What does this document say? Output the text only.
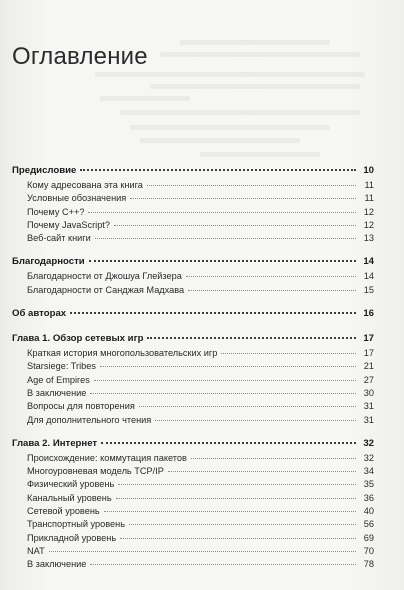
Оглавление
Предисловие	10
Кому адресована эта книга	11
Условные обозначения	11
Почему C++?	12
Почему JavaScript?	12
Веб-сайт книги	13
Благодарности	14
Благодарности от Джошуа Глейзера	14
Благодарности от Санджая Мадхава	15
Об авторах	16
Глава 1. Обзор сетевых игр	17
Краткая история многопользовательских игр	17
Starsiege: Tribes	21
Age of Empires	27
В заключение	30
Вопросы для повторения	31
Для дополнительного чтения	31
Глава 2. Интернет	32
Происхождение: коммутация пакетов	32
Многоуровневая модель TCP/IP	34
Физический уровень	35
Канальный уровень	36
Сетевой уровень	40
Транспортный уровень	56
Прикладной уровень	69
NAT	70
В заключение	78
